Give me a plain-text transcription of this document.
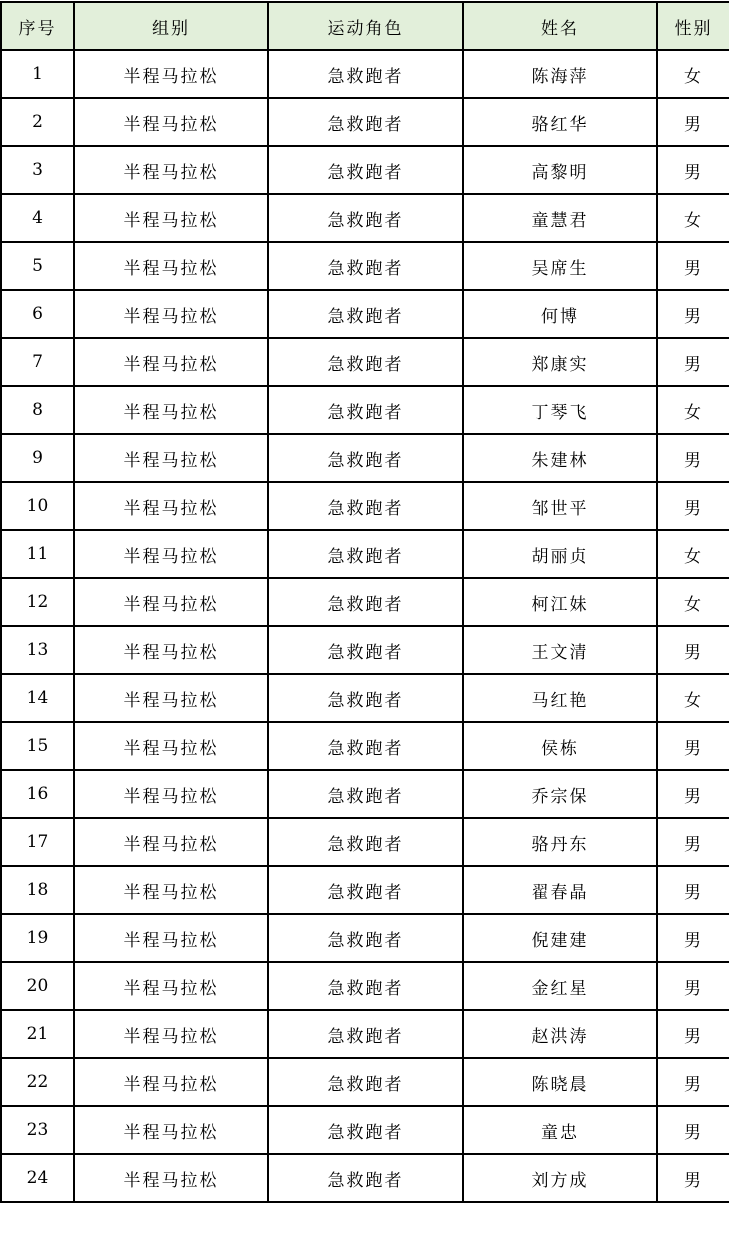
序号	组别	运动角色	姓名	性别
1	半程马拉松	急救跑者	陈海萍	女
2	半程马拉松	急救跑者	骆红华	男
3	半程马拉松	急救跑者	高黎明	男
4	半程马拉松	急救跑者	童慧君	女
5	半程马拉松	急救跑者	吴席生	男
6	半程马拉松	急救跑者	何博	男
7	半程马拉松	急救跑者	郑康实	男
8	半程马拉松	急救跑者	丁琴飞	女
9	半程马拉松	急救跑者	朱建林	男
10	半程马拉松	急救跑者	邹世平	男
11	半程马拉松	急救跑者	胡丽贞	女
12	半程马拉松	急救跑者	柯江妹	女
13	半程马拉松	急救跑者	王文清	男
14	半程马拉松	急救跑者	马红艳	女
15	半程马拉松	急救跑者	侯栋	男
16	半程马拉松	急救跑者	乔宗保	男
17	半程马拉松	急救跑者	骆丹东	男
18	半程马拉松	急救跑者	翟春晶	男
19	半程马拉松	急救跑者	倪建建	男
20	半程马拉松	急救跑者	金红星	男
21	半程马拉松	急救跑者	赵洪涛	男
22	半程马拉松	急救跑者	陈晓晨	男
23	半程马拉松	急救跑者	童忠	男
24	半程马拉松	急救跑者	刘方成	男
